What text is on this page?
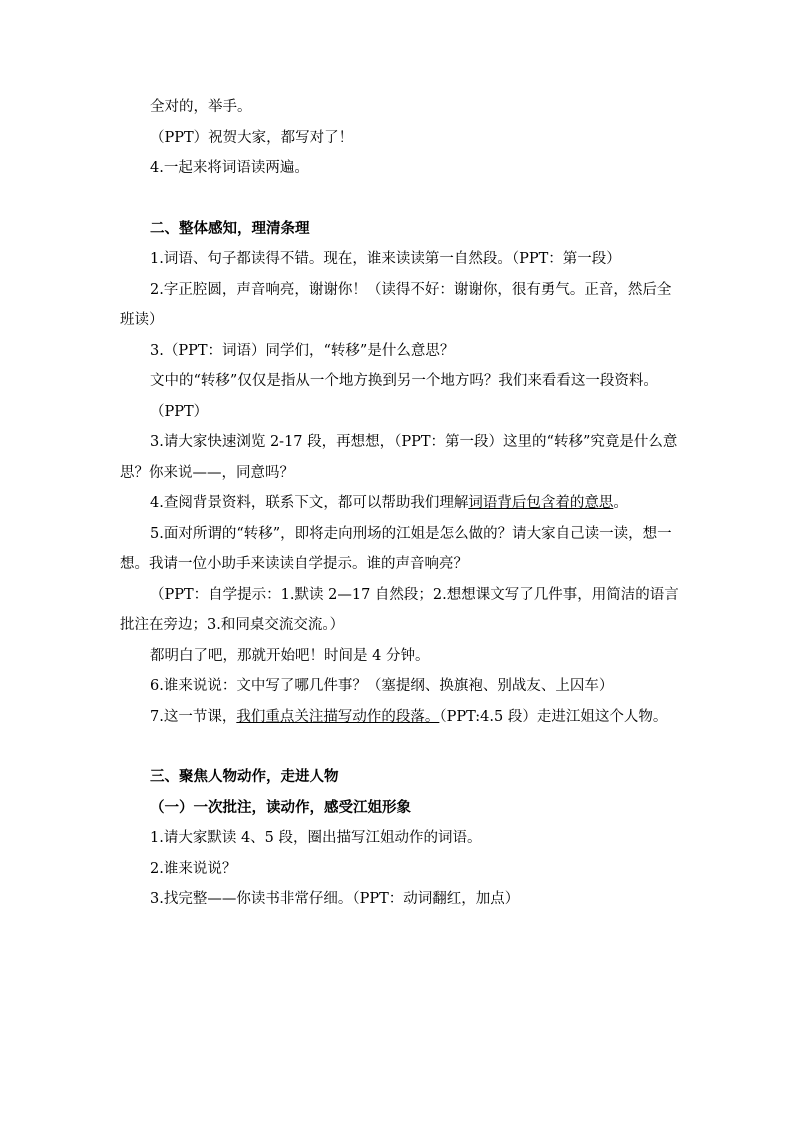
全对的，举手。

（PPT）祝贺大家，都写对了！

4.一起来将词语读两遍。

二、整体感知，理清条理

1.词语、句子都读得不错。现在，谁来读读第一自然段。（PPT：第一段）

2.字正腔圆，声音响亮，谢谢你！（读得不好：谢谢你，很有勇气。正音，然后全班读）

3.（PPT：词语）同学们，“转移”是什么意思？

文中的“转移”仅仅是指从一个地方换到另一个地方吗？我们来看看这一段资料。

（PPT）

3.请大家快速浏览 2-17 段，再想想，（PPT：第一段）这里的“转移”究竟是什么意思？你来说——，同意吗？

4.查阅背景资料，联系下文，都可以帮助我们理解词语背后包含着的意思。

5.面对所谓的“转移”，即将走向刑场的江姐是怎么做的？请大家自己读一读，想一想。我请一位小助手来读读自学提示。谁的声音响亮？

（PPT：自学提示：1.默读 2—17 自然段；2.想想课文写了几件事，用简洁的语言批注在旁边；3.和同桌交流交流。）

都明白了吧，那就开始吧！时间是 4 分钟。

6.谁来说说：文中写了哪几件事？（塞提纲、换旗袍、别战友、上囚车）

7.这一节课，我们重点关注描写动作的段落。（PPT:4.5 段）走进江姐这个人物。

三、聚焦人物动作，走进人物

（一）一次批注，读动作，感受江姐形象

1.请大家默读 4、5 段，圈出描写江姐动作的词语。

2.谁来说说？

3.找完整——你读书非常仔细。（PPT：动词翻红，加点）
